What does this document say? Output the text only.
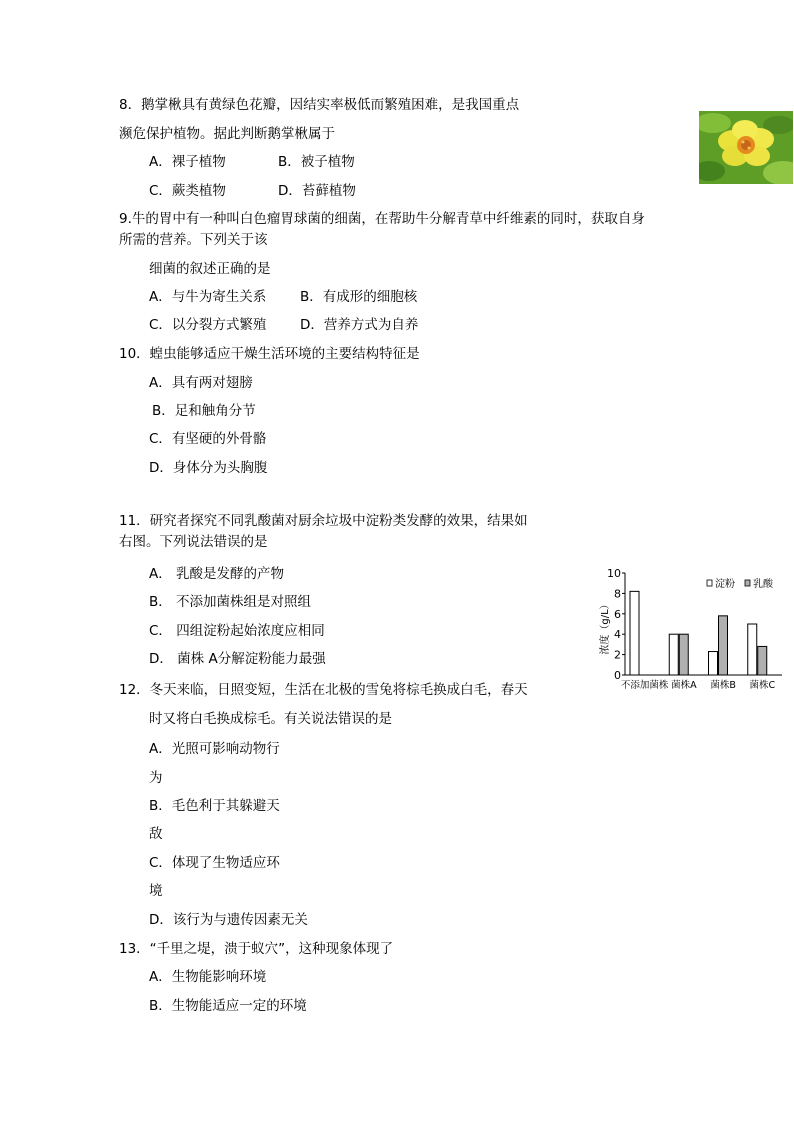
8．鹅掌楸具有黄绿色花瓣，因结实率极低而繁殖困难，是我国重点
濒危保护植物。据此判断鹅掌楸属于
A．裸子植物	B．被子植物
C．蕨类植物	D．苔藓植物
9.牛的胃中有一种叫白色瘤胃球菌的细菌，在帮助牛分解青草中纤维素的同时，获取自身
所需的营养。下列关于该
细菌的叙述正确的是
A．与牛为寄生关系	B．有成形的细胞核
C．以分裂方式繁殖 D．营养方式为自养
10．蝗虫能够适应干燥生活环境的主要结构特征是
A．具有两对翅膀
B．足和触角分节
C．有坚硬的外骨骼
D．身体分为头胸腹
11．研究者探究不同乳酸菌对厨余垃圾中淀粉类发酵的效果，结果如
右图。下列说法错误的是
A． 乳酸是发酵的产物
B． 不添加菌株组是对照组
C． 四组淀粉起始浓度应相同
D． 菌株 A分解淀粉能力最强
0
2
4
6
8
10
浓度（g/L）
不添加菌株 菌株A 菌株B 菌株C
淀粉 乳酸
12．冬天来临，日照变短，生活在北极的雪兔将棕毛换成白毛，春天
时又将白毛换成棕毛。有关说法错误的是
A．光照可影响动物行
为
B．毛色利于其躲避天
敌
C．体现了生物适应环
境
D．该行为与遗传因素无关
13．“千里之堤，溃于蚁穴”，这种现象体现了
A．生物能影响环境
B．生物能适应一定的环境
